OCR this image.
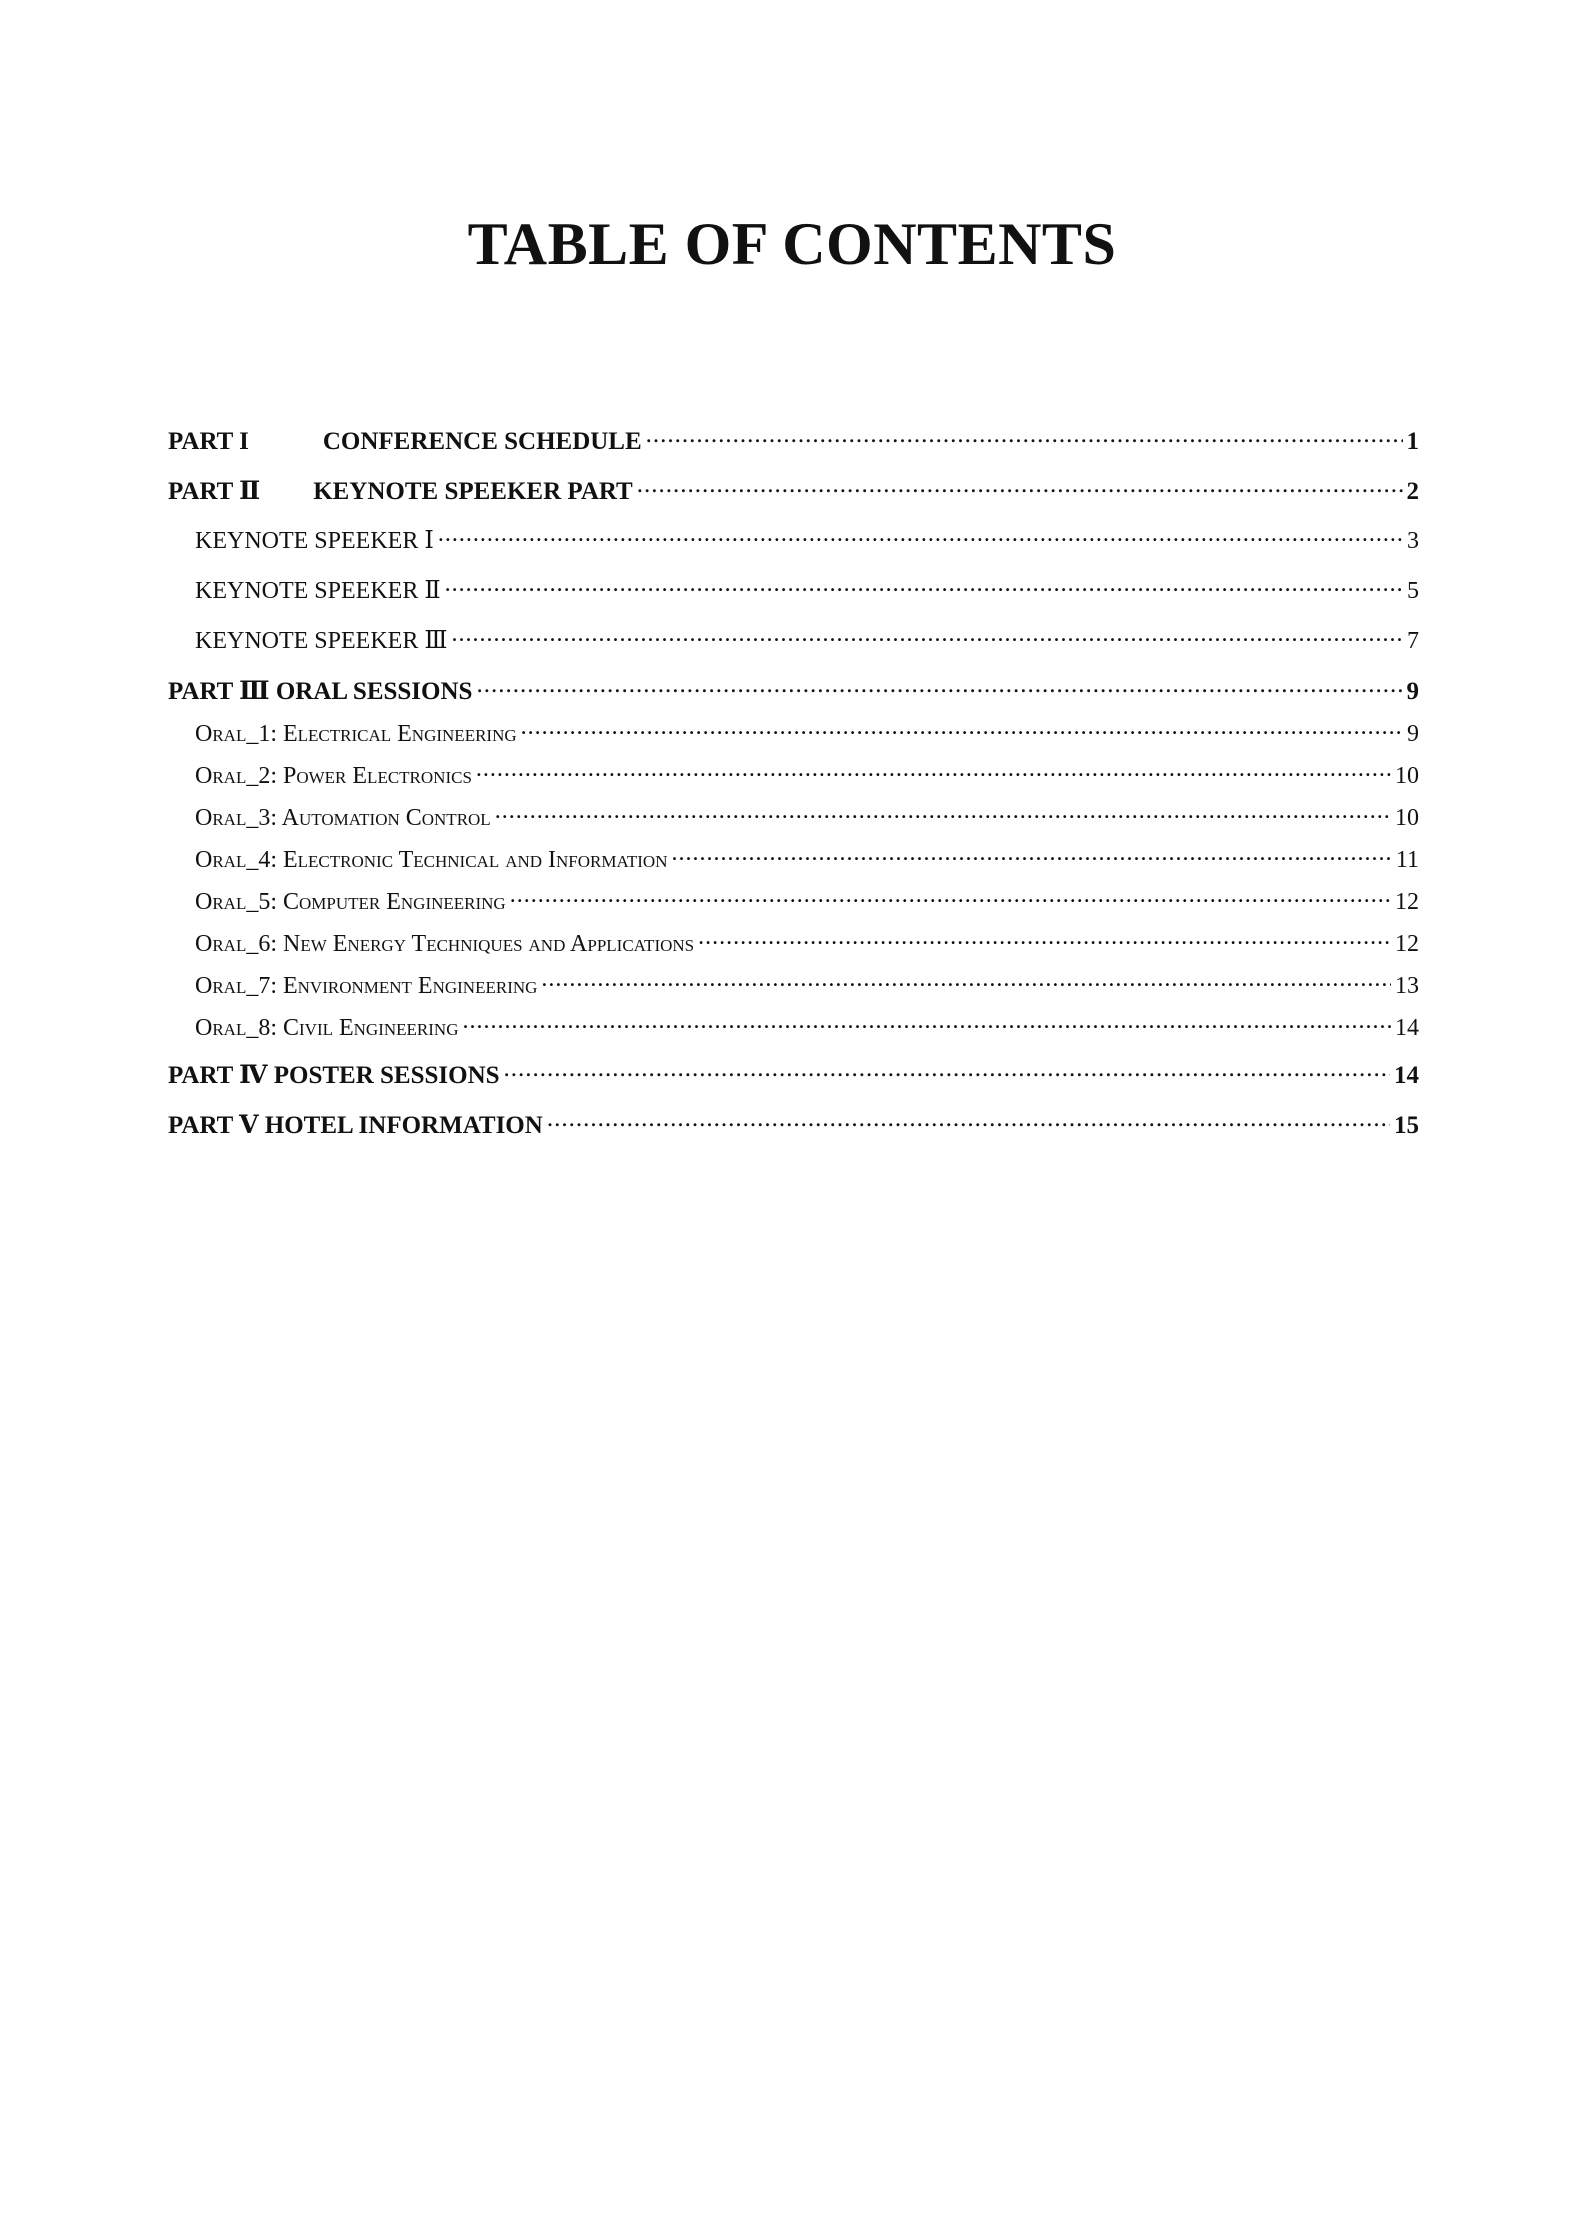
TABLE OF CONTENTS
PART I	CONFERENCE SCHEDULE .....	1
PART Ⅱ KEYNOTE SPEEKER PART .....	2
KEYNOTE SPEEKER Ⅰ .....	3
KEYNOTE SPEEKER Ⅱ .....	5
KEYNOTE SPEEKER Ⅲ .....	7
PART Ⅲ ORAL SESSIONS .....	9
Oral_1: Electrical Engineering .....	9
Oral_2: Power Electronics .....	10
Oral_3: Automation Control .....	10
Oral_4: Electronic Technical and Information .....	11
Oral_5: Computer Engineering .....	12
Oral_6: New Energy Techniques and Applications .....	12
Oral_7: Environment Engineering .....	13
Oral_8: Civil Engineering .....	14
PART Ⅳ POSTER SESSIONS .....	14
PART Ⅴ HOTEL INFORMATION .....	15
